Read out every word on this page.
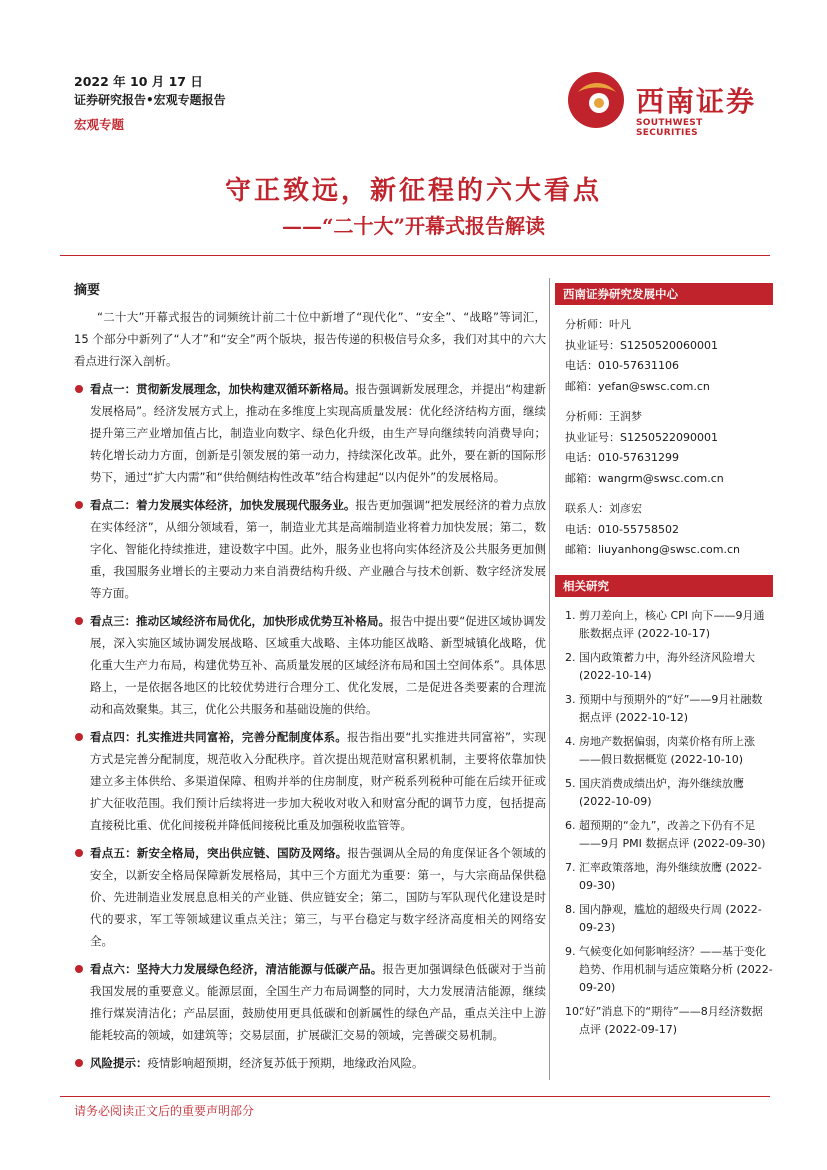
2022 年 10 月 17 日
证券研究报告•宏观专题报告
宏观专题
西南证券
SOUTHWEST SECURITIES
守正致远，新征程的六大看点
——“二十大”开幕式报告解读
摘要

“二十大”开幕式报告的词频统计前二十位中新增了“现代化”、“安全”、“战略”等词汇，15 个部分中新列了“人才”和“安全”两个版块，报告传递的积极信号众多，我们对其中的六大看点进行深入剖析。

看点一：贯彻新发展理念，加快构建双循环新格局。报告强调新发展理念，并提出“构建新发展格局”。经济发展方式上，推动在多维度上实现高质量发展：优化经济结构方面，继续提升第三产业增加值占比，制造业向数字、绿色化升级，由生产导向继续转向消费导向；转化增长动力方面，创新是引领发展的第一动力，持续深化改革。此外，要在新的国际形势下，通过“扩大内需”和“供给侧结构性改革”结合构建起“以内促外”的发展格局。
看点二：着力发展实体经济，加快发展现代服务业。报告更加强调“把发展经济的着力点放在实体经济”，从细分领域看，第一，制造业尤其是高端制造业将着力加快发展；第二，数字化、智能化持续推进，建设数字中国。此外，服务业也将向实体经济及公共服务更加侧重，我国服务业增长的主要动力来自消费结构升级、产业融合与技术创新、数字经济发展等方面。
看点三：推动区域经济布局优化，加快形成优势互补格局。报告中提出要“促进区域协调发展，深入实施区域协调发展战略、区域重大战略、主体功能区战略、新型城镇化战略，优化重大生产力布局，构建优势互补、高质量发展的区域经济布局和国土空间体系”。具体思路上，一是依据各地区的比较优势进行合理分工、优化发展，二是促进各类要素的合理流动和高效聚集。其三，优化公共服务和基础设施的供给。
看点四：扎实推进共同富裕，完善分配制度体系。报告指出要“扎实推进共同富裕”，实现方式是完善分配制度，规范收入分配秩序。首次提出规范财富积累机制，主要将依靠加快建立多主体供给、多渠道保障、租购并举的住房制度，财产税系列税种可能在后续开征或扩大征收范围。我们预计后续将进一步加大税收对收入和财富分配的调节力度，包括提高直接税比重、优化间接税并降低间接税比重及加强税收监管等。
看点五：新安全格局，突出供应链、国防及网络。报告强调从全局的角度保证各个领域的安全，以新安全格局保障新发展格局，其中三个方面尤为重要：第一，与大宗商品保供稳价、先进制造业发展息息相关的产业链、供应链安全；第二，国防与军队现代化建设是时代的要求，军工等领域建议重点关注；第三，与平台稳定与数字经济高度相关的网络安全。
看点六：坚持大力发展绿色经济，清洁能源与低碳产品。报告更加强调绿色低碳对于当前我国发展的重要意义。能源层面，全国生产力布局调整的同时，大力发展清洁能源，继续推行煤炭清洁化；产品层面，鼓励使用更具低碳和创新属性的绿色产品，重点关注中上游能耗较高的领域，如建筑等；交易层面，扩展碳汇交易的领域，完善碳交易机制。
风险提示：疫情影响超预期，经济复苏低于预期，地缘政治风险。
西南证券研究发展中心
分析师：叶凡
执业证号：S1250520060001
电话：010-57631106
邮箱：yefan@swsc.com.cn
分析师：王润梦
执业证号：S1250522090001
电话：010-57631299
邮箱：wangrm@swsc.com.cn
联系人：刘彦宏
电话：010-55758502
邮箱：liuyanhong@swsc.com.cn
相关研究
1. 剪刀差向上，核心 CPI 向下——9月通胀数据点评 (2022-10-17)
2. 国内政策蓄力中，海外经济风险增大 (2022-10-14)
3. 预期中与预期外的“好”——9月社融数据点评 (2022-10-12)
4. 房地产数据偏弱，肉菜价格有所上涨——假日数据概览 (2022-10-10)
5. 国庆消费成绩出炉，海外继续放鹰 (2022-10-09)
6. 超预期的“金九”，改善之下仍有不足——9月 PMI 数据点评 (2022-09-30)
7. 汇率政策落地，海外继续放鹰 (2022-09-30)
8. 国内静观，尴尬的超级央行周 (2022-09-23)
9. 气候变化如何影响经济？——基于变化趋势、作用机制与适应策略分析 (2022-09-20)
10.
“好”消息下的“期待”——8月经济数据点评 (2022-09-17)
请务必阅读正文后的重要声明部分
